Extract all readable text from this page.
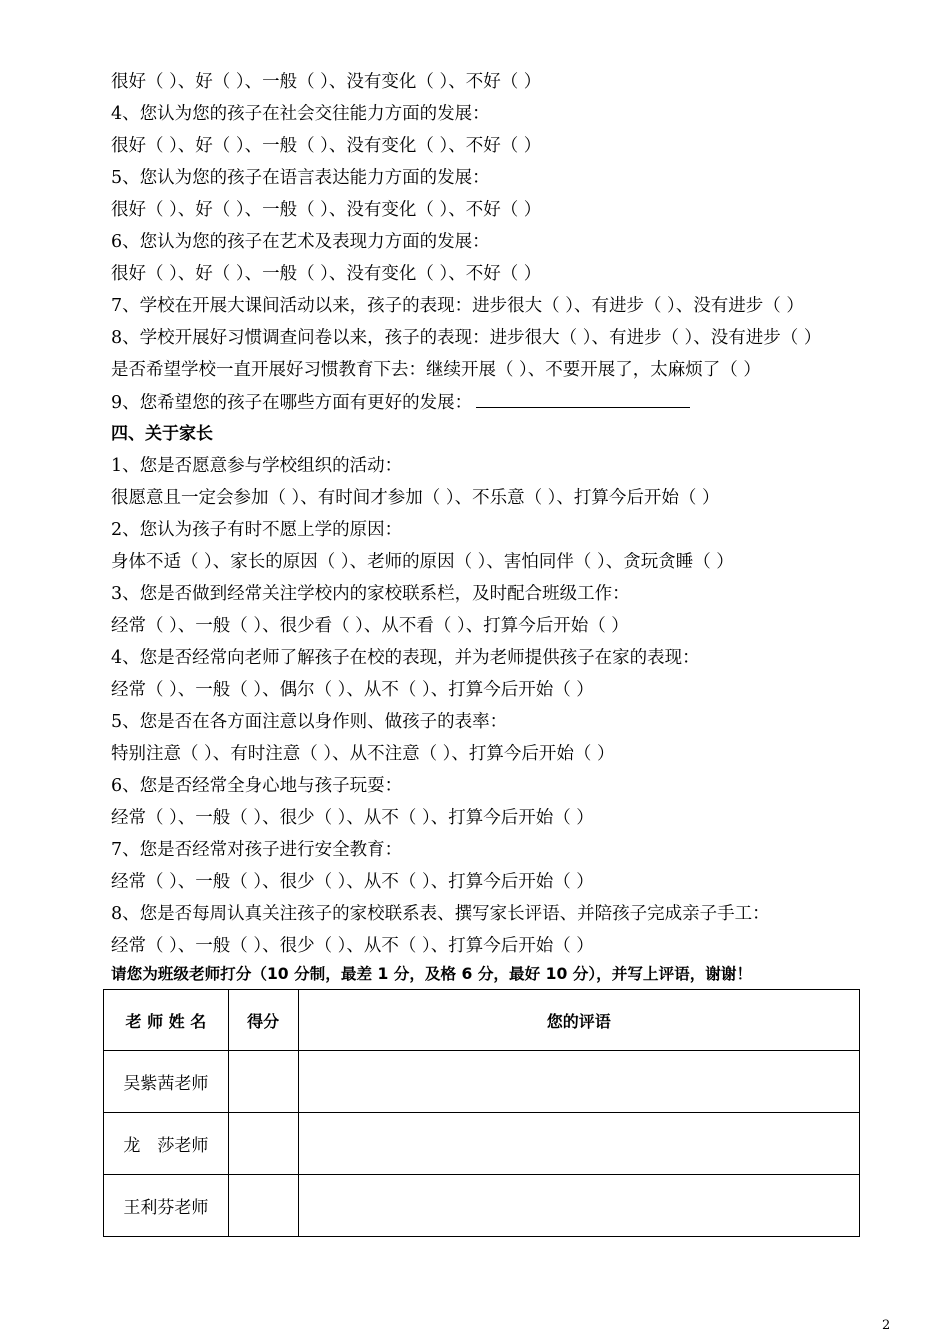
很好（ ）、好（ ）、一般（ ）、没有变化（ ）、不好（ ）
4、您认为您的孩子在社会交往能力方面的发展：
很好（ ）、好（ ）、一般（ ）、没有变化（ ）、不好（ ）
5、您认为您的孩子在语言表达能力方面的发展：
很好（ ）、好（ ）、一般（ ）、没有变化（ ）、不好（ ）
6、您认为您的孩子在艺术及表现力方面的发展：
很好（ ）、好（ ）、一般（ ）、没有变化（ ）、不好（ ）
7、学校在开展大课间活动以来，孩子的表现：进步很大（ ）、有进步（ ）、没有进步（ ）
8、学校开展好习惯调查问卷以来，孩子的表现：进步很大（ ）、有进步（ ）、没有进步（ ）
是否希望学校一直开展好习惯教育下去：继续开展（ ）、不要开展了，太麻烦了（ ）
9、您希望您的孩子在哪些方面有更好的发展：
四、关于家长
1、您是否愿意参与学校组织的活动：
很愿意且一定会参加（ ）、有时间才参加（ ）、不乐意（ ）、打算今后开始（ ）
2、您认为孩子有时不愿上学的原因：
身体不适（ ）、家长的原因（ ）、老师的原因（ ）、害怕同伴（ ）、贪玩贪睡（ ）
3、您是否做到经常关注学校内的家校联系栏，及时配合班级工作：
经常（ ）、一般（ ）、很少看（ ）、从不看（ ）、打算今后开始（ ）
4、您是否经常向老师了解孩子在校的表现，并为老师提供孩子在家的表现：
经常（ ）、一般（ ）、偶尔（ ）、从不（ ）、打算今后开始（ ）
5、您是否在各方面注意以身作则、做孩子的表率：
特别注意（ ）、有时注意（ ）、从不注意（ ）、打算今后开始（ ）
6、您是否经常全身心地与孩子玩耍：
经常（ ）、一般（ ）、很少（ ）、从不（ ）、打算今后开始（ ）
7、您是否经常对孩子进行安全教育：
经常（ ）、一般（ ）、很少（ ）、从不（ ）、打算今后开始（ ）
8、您是否每周认真关注孩子的家校联系表、撰写家长评语、并陪孩子完成亲子手工：
经常（ ）、一般（ ）、很少（ ）、从不（ ）、打算今后开始（ ）
请您为班级老师打分（10 分制，最差 1 分，及格 6 分，最好 10 分），并写上评语，谢谢！
老 师 姓 名	得分	您的评语
吴紫茜老师		
龙　莎老师		
王利芬老师		
2
